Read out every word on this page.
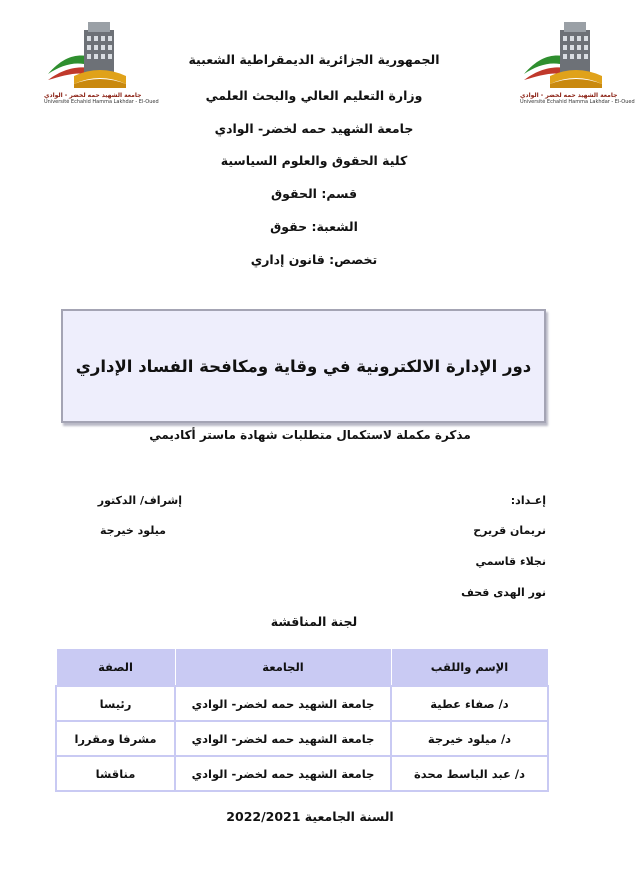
جامعة الشهيد حمه لخضر - الوادي
Université Echahid Hamma Lakhdar - El-Oued
جامعة الشهيد حمه لخضر - الوادي
Université Echahid Hamma Lakhdar - El-Oued
الجمهورية الجزائرية الديمقراطية الشعبية
وزارة التعليم العالي والبحث العلمي
جامعة الشهيد حمه لخضر- الوادي
كلية الحقوق والعلوم السياسية
قسم: الحقوق
الشعبة: حقوق
تخصص: قانون إداري
دور الإدارة الالكترونية في وقاية ومكافحة الفساد الإداري
مذكرة مكملة لاستكمال متطلبات شهادة ماستر أكاديمي
إعـداد:
نريمان قريرح
نجلاء قاسمي
نور الهدى قحف
إشراف/ الدكتور
ميلود خيرجة
لجنة المناقشة
الإسم واللقب	الجامعة	الصفة
د/ صفاء عطية	جامعة الشهيد حمه لخضر- الوادي	رئيسا
د/ ميلود خيرجة	جامعة الشهيد حمه لخضر- الوادي	مشرفا ومقررا
د/ عبد الباسط محدة	جامعة الشهيد حمه لخضر- الوادي	مناقشا
السنة الجامعية 2022/2021
